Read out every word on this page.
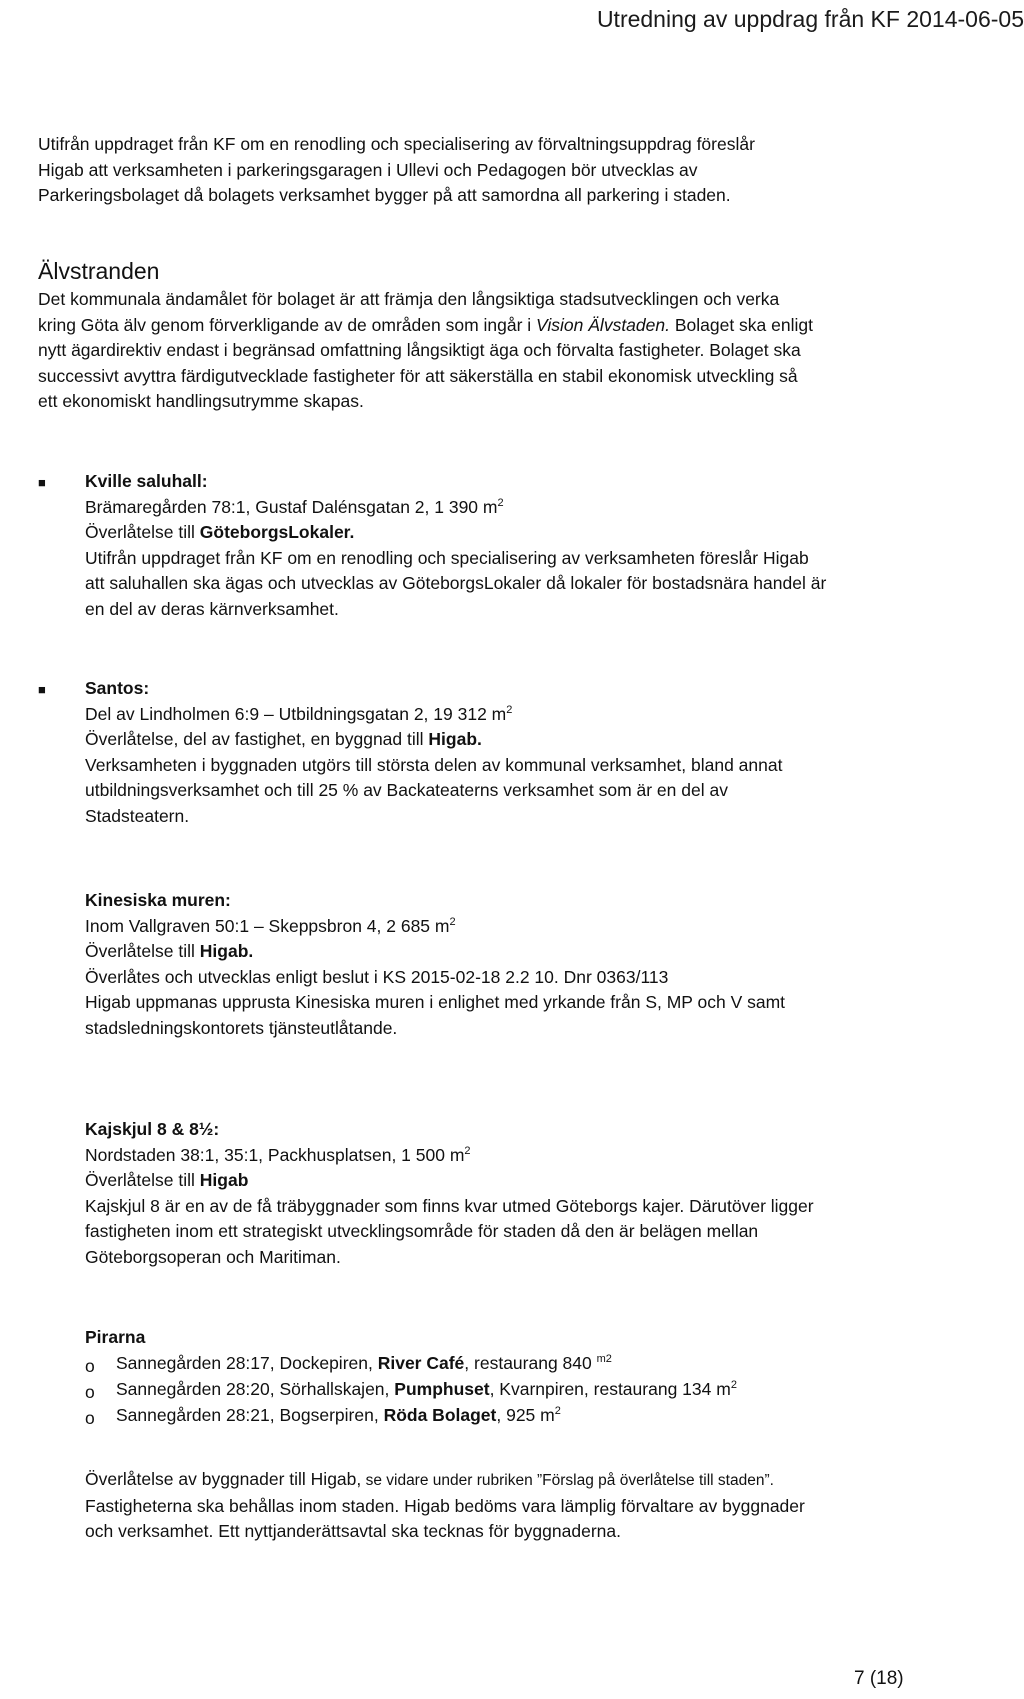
Utredning av uppdrag från KF 2014-06-05

Utifrån uppdraget från KF om en renodling och specialisering av förvaltningsuppdrag föreslår
Higab att verksamheten i parkeringsgaragen i Ullevi och Pedagogen bör utvecklas av
Parkeringsbolaget då bolagets verksamhet bygger på att samordna all parkering i staden.

Älvstranden

Det kommunala ändamålet för bolaget är att främja den långsiktiga stadsutvecklingen och verka
kring Göta älv genom förverkligande av de områden som ingår i Vision Älvstaden. Bolaget ska enligt
nytt ägardirektiv endast i begränsad omfattning långsiktigt äga och förvalta fastigheter. Bolaget ska
successivt avyttra färdigutvecklade fastigheter för att säkerställa en stabil ekonomisk utveckling så
ett ekonomiskt handlingsutrymme skapas.

■ Kville saluhall:
Brämaregården 78:1, Gustaf Dalénsgatan 2, 1 390 $m^2$
Överlåtelse till GöteborgsLokaler.
Utifrån uppdraget från KF om en renodling och specialisering av verksamheten föreslår Higab
att saluhallen ska ägas och utvecklas av GöteborgsLokaler då lokaler för bostadsnära handel är
en del av deras kärnverksamhet.

■ Santos:
Del av Lindholmen 6:9 – Utbildningsgatan 2, 19 312 $m^2$
Överlåtelse, del av fastighet, en byggnad till Higab.
Verksamheten i byggnaden utgörs till största delen av kommunal verksamhet, bland annat
utbildningsverksamhet och till 25 % av Backateaterns verksamhet som är en del av
Stadsteatern.

Kinesiska muren:
Inom Vallgraven 50:1 – Skeppsbron 4, 2 685 $m^2$
Överlåtelse till Higab.
Överlåtes och utvecklas enligt beslut i KS 2015-02-18 2.2 10. Dnr 0363/113
Higab uppmanas upprusta Kinesiska muren i enlighet med yrkande från S, MP och V samt
stadsledningskontorets tjänsteutlåtande.

Kajskjul 8 & 8½:
Nordstaden 38:1, 35:1, Packhusplatsen, 1 500 $m^2$
Överlåtelse till Higab
Kajskjul 8 är en av de få träbyggnader som finns kvar utmed Göteborgs kajer. Därutöver ligger
fastigheten inom ett strategiskt utvecklingsområde för staden då den är belägen mellan
Göteborgsoperan och Maritiman.

Pirarna

o Sannegården 28:17, Dockepiren, River Café, restaurang 840 $^{m2}$

o Sannegården 28:20, Sörhallskajen, Pumphuset, Kvarnpiren, restaurang 134 $m^2$

o Sannegården 28:21, Bogserpiren, Röda Bolaget, 925 $m^2$

Överlåtelse av byggnader till Higab, se vidare under rubriken ”Förslag på överlåtelse till staden”.
Fastigheterna ska behållas inom staden. Higab bedöms vara lämplig förvaltare av byggnader
och verksamhet. Ett nyttjanderättsavtal ska tecknas för byggnaderna.

7 (18)
